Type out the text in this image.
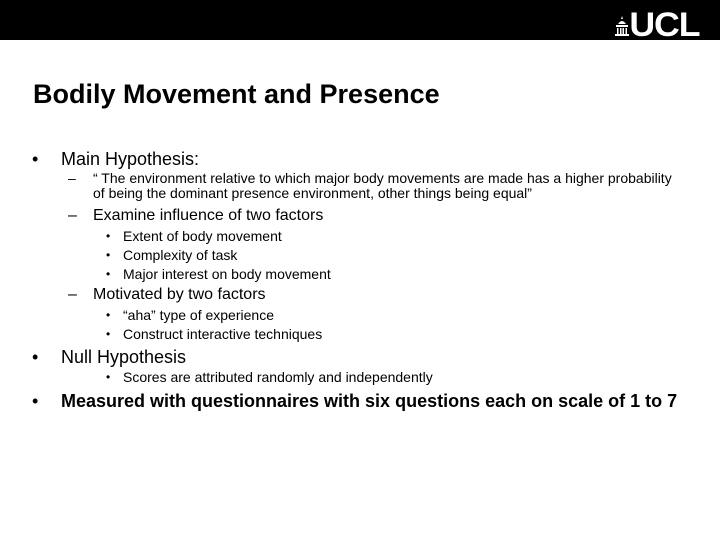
UCL
Bodily Movement and Presence
•	Main Hypothesis:
–	“ The environment relative to which major body movements are made has a higher probability of being the dominant presence environment, other things being equal”
–	Examine influence of two factors
• Extent of body movement
• Complexity of task
• Major interest on body movement
–	Motivated by two factors
• “aha” type of experience
• Construct interactive techniques
•	Null Hypothesis
• Scores are attributed randomly and independently
•	Measured with questionnaires with six questions each on scale of 1 to 7
